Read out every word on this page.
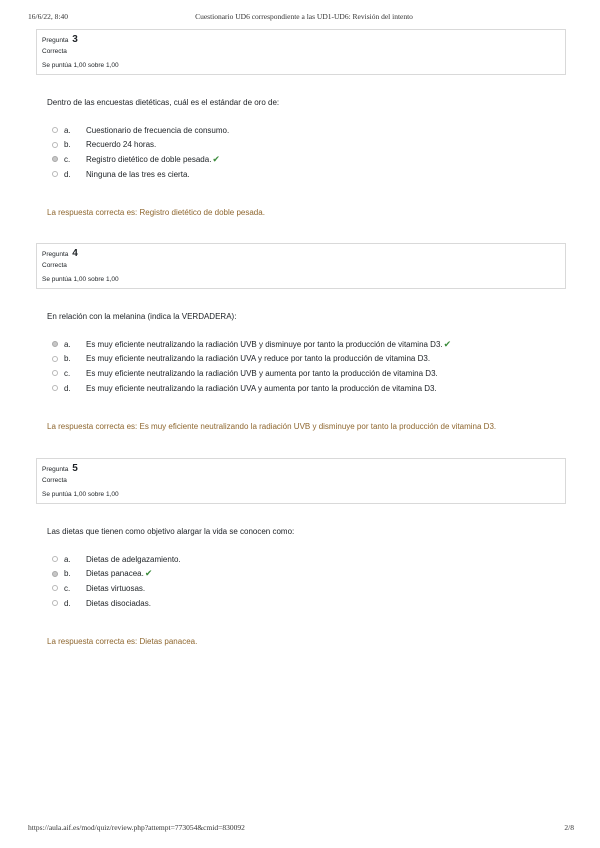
16/6/22, 8:40	Cuestionario UD6 correspondiente a las UD1-UD6: Revisión del intento
Pregunta 3
Correcta
Se puntúa 1,00 sobre 1,00
Dentro de las encuestas dietéticas, cuál es el estándar de oro de:
a.	Cuestionario de frecuencia de consumo.
b.	Recuerdo 24 horas.
c.	Registro dietético de doble pesada. ✔
d.	Ninguna de las tres es cierta.
La respuesta correcta es: Registro dietético de doble pesada.
Pregunta 4
Correcta
Se puntúa 1,00 sobre 1,00
En relación con la melanina (indica la VERDADERA):
a.	Es muy eficiente neutralizando la radiación UVB y disminuye por tanto la producción de vitamina D3. ✔
b.	Es muy eficiente neutralizando la radiación UVA y reduce por tanto la producción de vitamina D3.
c.	Es muy eficiente neutralizando la radiación UVB y aumenta por tanto la producción de vitamina D3.
d.	Es muy eficiente neutralizando la radiación UVA y aumenta por tanto la producción de vitamina D3.
La respuesta correcta es: Es muy eficiente neutralizando la radiación UVB y disminuye por tanto la producción de vitamina D3.
Pregunta 5
Correcta
Se puntúa 1,00 sobre 1,00
Las dietas que tienen como objetivo alargar la vida se conocen como:
a.	Dietas de adelgazamiento.
b.	Dietas panacea. ✔
c.	Dietas virtuosas.
d.	Dietas disociadas.
La respuesta correcta es: Dietas panacea.
https://aula.aif.es/mod/quiz/review.php?attempt=773054&cmid=830092	2/8
